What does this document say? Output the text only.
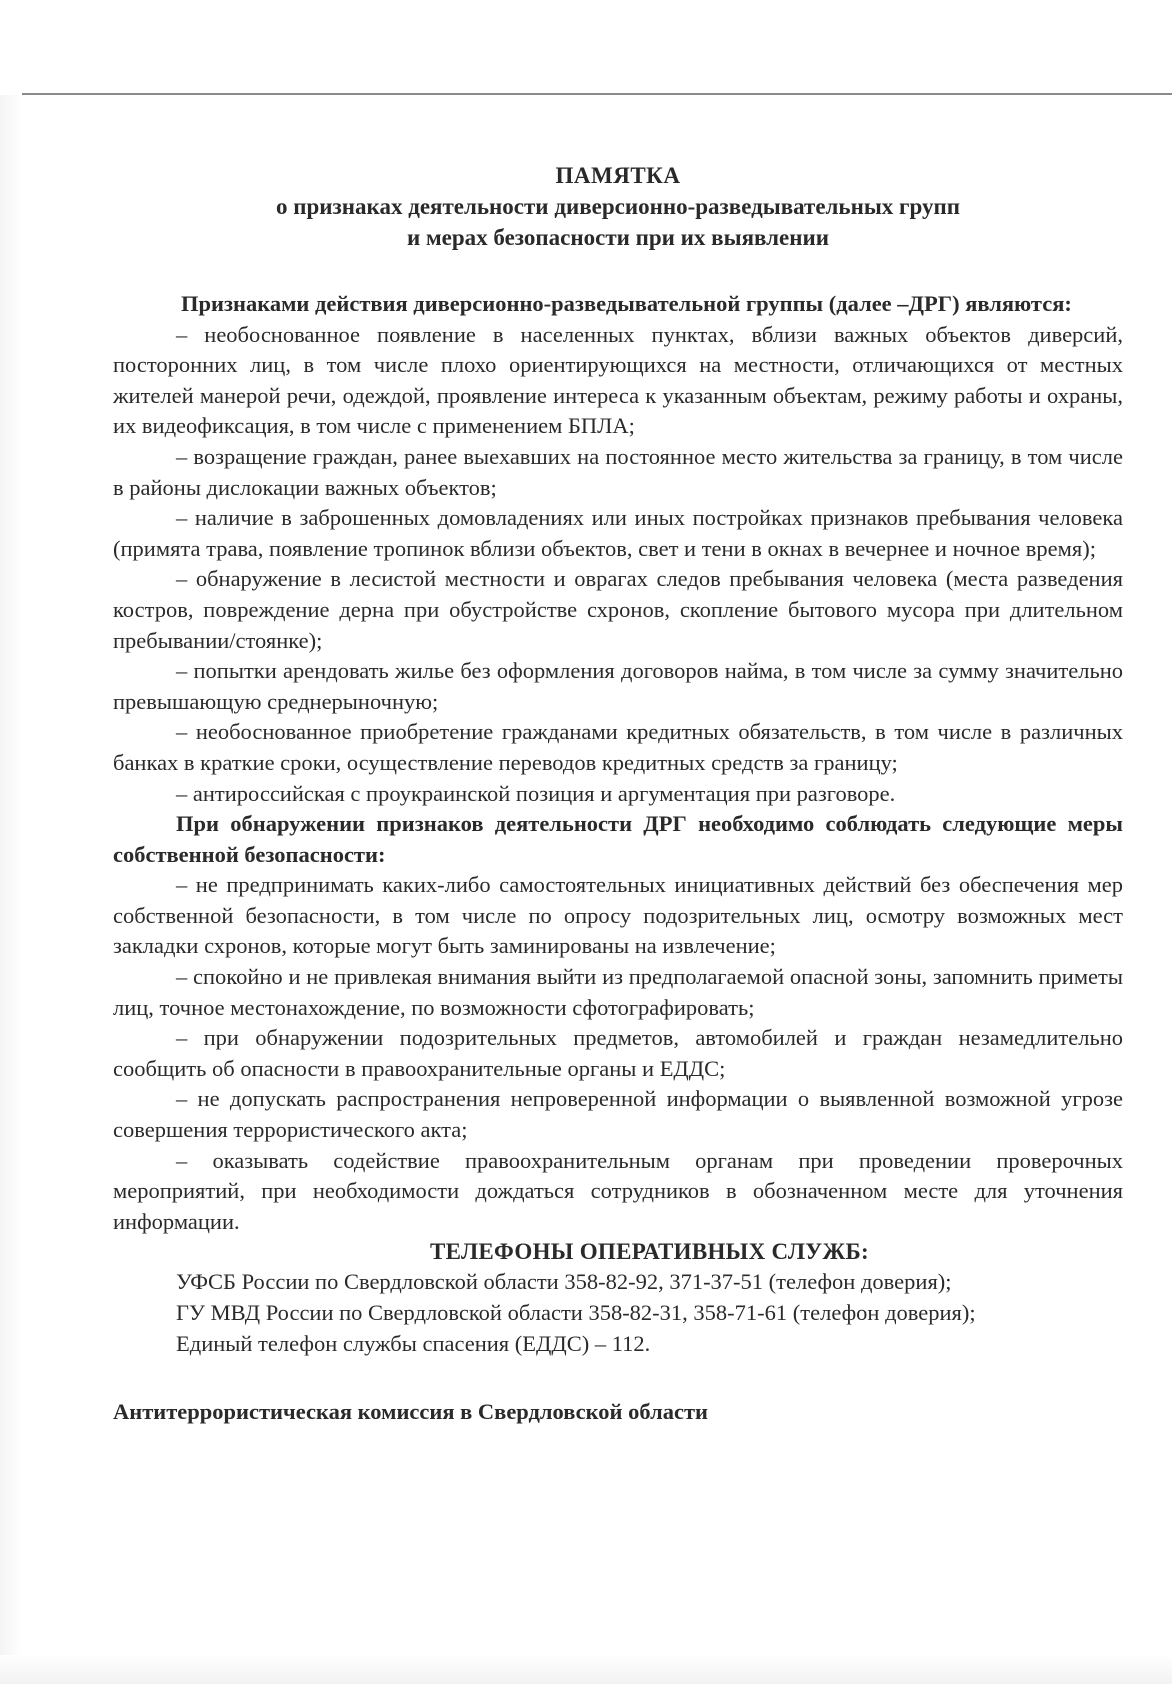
ПАМЯТКА

о признаках деятельности диверсионно-разведывательных групп

и мерах безопасности при их выявлении

Признаками действия диверсионно-разведывательной группы (далее –ДРГ) являются:

– необоснованное появление в населенных пунктах, вблизи важных объектов диверсий, посторонних лиц, в том числе плохо ориентирующихся на местности, отличающихся от местных жителей манерой речи, одеждой, проявление интереса к указанным объектам, режиму работы и охраны, их видеофиксация, в том числе с применением БПЛА;

– возращение граждан, ранее выехавших на постоянное место жительства за границу, в том числе в районы дислокации важных объектов;

– наличие в заброшенных домовладениях или иных постройках признаков пребывания человека (примята трава, появление тропинок вблизи объектов, свет и тени в окнах в вечернее и ночное время);

– обнаружение в лесистой местности и оврагах следов пребывания человека (места разведения костров, повреждение дерна при обустройстве схронов, скопление бытового мусора при длительном пребывании/стоянке);

– попытки арендовать жилье без оформления договоров найма, в том числе за сумму значительно превышающую среднерыночную;

– необоснованное приобретение гражданами кредитных обязательств, в том числе в различных банках в краткие сроки, осуществление переводов кредитных средств за границу;

– антироссийская с проукраинской позиция и аргументация при разговоре.

При обнаружении признаков деятельности ДРГ необходимо соблюдать следующие меры собственной безопасности:

– не предпринимать каких-либо самостоятельных инициативных действий без обеспечения мер собственной безопасности, в том числе по опросу подозрительных лиц, осмотру возможных мест закладки схронов, которые могут быть заминированы на извлечение;

– спокойно и не привлекая внимания выйти из предполагаемой опасной зоны, запомнить приметы лиц, точное местонахождение, по возможности сфотографировать;

– при обнаружении подозрительных предметов, автомобилей и граждан незамедлительно сообщить об опасности в правоохранительные органы и ЕДДС;

– не допускать распространения непроверенной информации о выявленной возможной угрозе совершения террористического акта;

– оказывать содействие правоохранительным органам при проведении проверочных мероприятий, при необходимости дождаться сотрудников в обозначенном месте для уточнения информации.

ТЕЛЕФОНЫ ОПЕРАТИВНЫХ СЛУЖБ:

УФСБ России по Свердловской области 358-82-92, 371-37-51 (телефон доверия);

ГУ МВД России по Свердловской области 358-82-31, 358-71-61 (телефон доверия);

Единый телефон службы спасения (ЕДДС) – 112.

Антитеррористическая комиссия в Свердловской области
